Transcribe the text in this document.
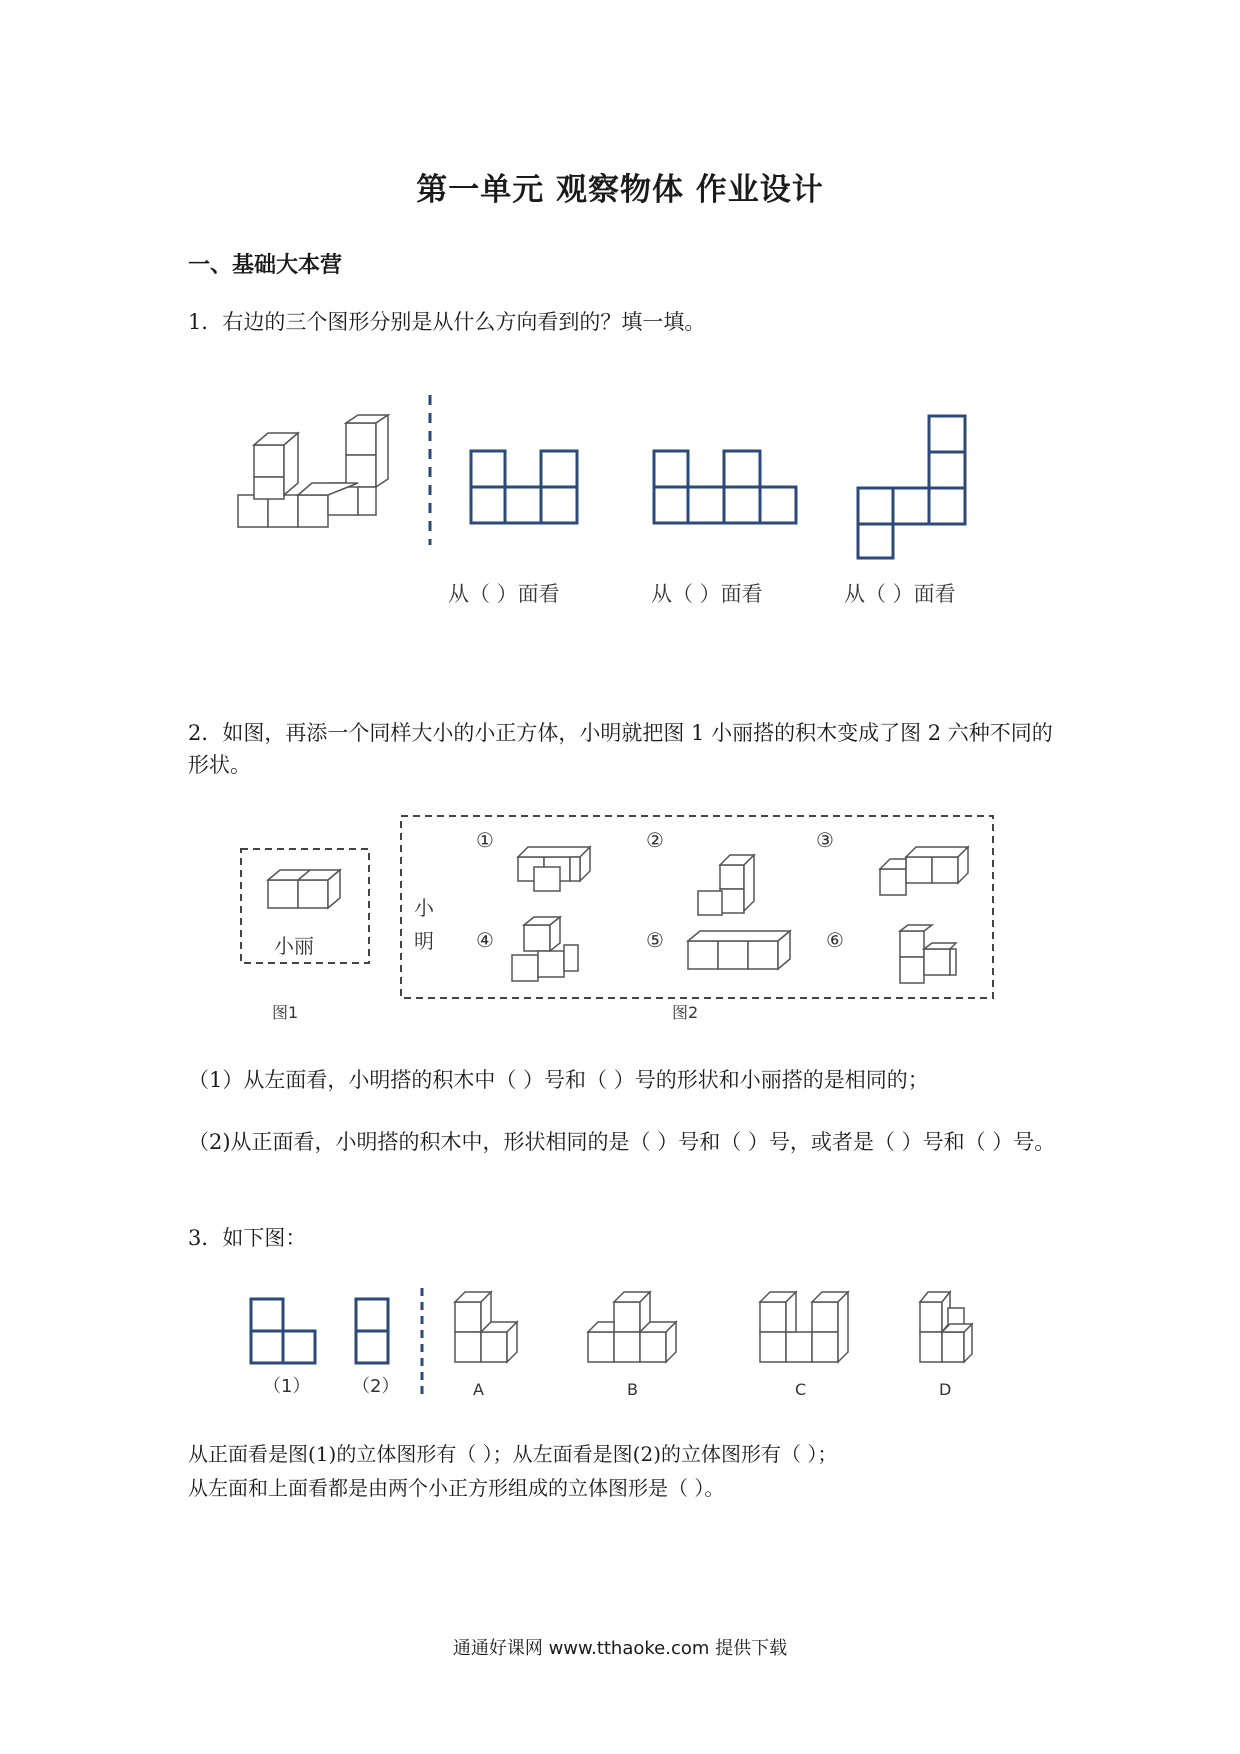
第一单元 观察物体 作业设计
一、基础大本营
1．右边的三个图形分别是从什么方向看到的？填一填。
从（ ）面看	从（ ）面看	从（ ）面看
2．如图，再添一个同样大小的小正方体，小明就把图 1 小丽搭的积木变成了图 2 六种不同的形状。
小丽
图1
小
明
①	②	③
④	⑤	⑥
图2
（1）从左面看，小明搭的积木中（ ）号和（ ）号的形状和小丽搭的是相同的；
（2)从正面看，小明搭的积木中，形状相同的是（ ）号和（ ）号，或者是（ ）号和（ ）号。
3．如下图：
（1） （2）	A	B	C	D
从正面看是图(1)的立体图形有（ ）；从左面看是图(2)的立体图形有（ ）；
从左面和上面看都是由两个小正方形组成的立体图形是（ ）。
通通好课网 www.tthaoke.com 提供下载
